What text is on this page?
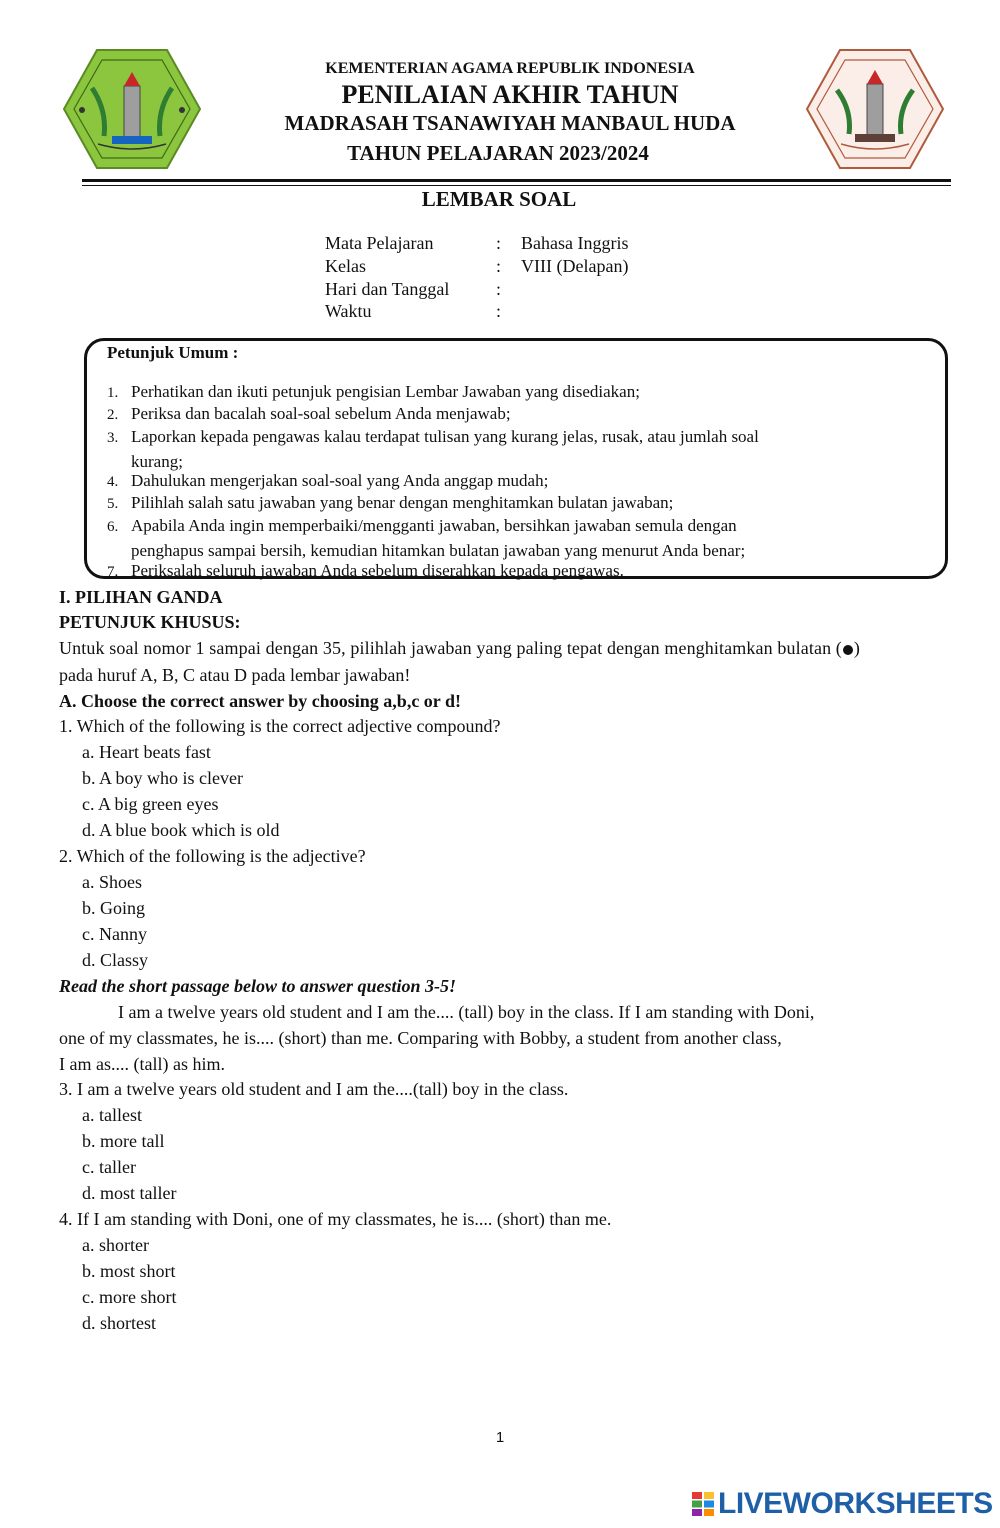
KEMENTERIAN AGAMA REPUBLIK INDONESIA
PENILAIAN AKHIR TAHUN
MADRASAH TSANAWIYAH MANBAUL HUDA
TAHUN PELAJARAN 2023/2024
LEMBAR SOAL
Mata Pelajaran	: Bahasa Inggris
Kelas	: VIII (Delapan)
Hari dan Tanggal	:
Waktu	:
Petunjuk Umum :
1. Perhatikan dan ikuti petunjuk pengisian Lembar Jawaban yang disediakan;
2. Periksa dan bacalah soal-soal sebelum Anda menjawab;
3. Laporkan kepada pengawas kalau terdapat tulisan yang kurang jelas, rusak, atau jumlah soal
kurang;
4. Dahulukan mengerjakan soal-soal yang Anda anggap mudah;
5. Pilihlah salah satu jawaban yang benar dengan menghitamkan bulatan jawaban;
6. Apabila Anda ingin memperbaiki/mengganti jawaban, bersihkan jawaban semula dengan
penghapus sampai bersih, kemudian hitamkan bulatan jawaban yang menurut Anda benar;
7. Periksalah seluruh jawaban Anda sebelum diserahkan kepada pengawas.
I. PILIHAN GANDA
PETUNJUK KHUSUS:
Untuk soal nomor 1 sampai dengan 35, pilihlah jawaban yang paling tepat dengan menghitamkan bulatan ( )
pada huruf A, B, C atau D pada lembar jawaban!
A. Choose the correct answer by choosing a,b,c or d!
1. Which of the following is the correct adjective compound?
a. Heart beats fast
b. A boy who is clever
c. A big green eyes
d. A blue book which is old
2. Which of the following is the adjective?
a. Shoes
b. Going
c. Nanny
d. Classy
Read the short passage below to answer question 3-5!
I am a twelve years old student and I am the.... (tall) boy in the class. If I am standing with Doni,
one of my classmates, he is.... (short) than me. Comparing with Bobby, a student from another class,
I am as.... (tall) as him.
3. I am a twelve years old student and I am the....(tall) boy in the class.
a. tallest
b. more tall
c. taller
d. most taller
4. If I am standing with Doni, one of my classmates, he is.... (short) than me.
a. shorter
b. most short
c. more short
d. shortest
1
LIVEWORKSHEETS
